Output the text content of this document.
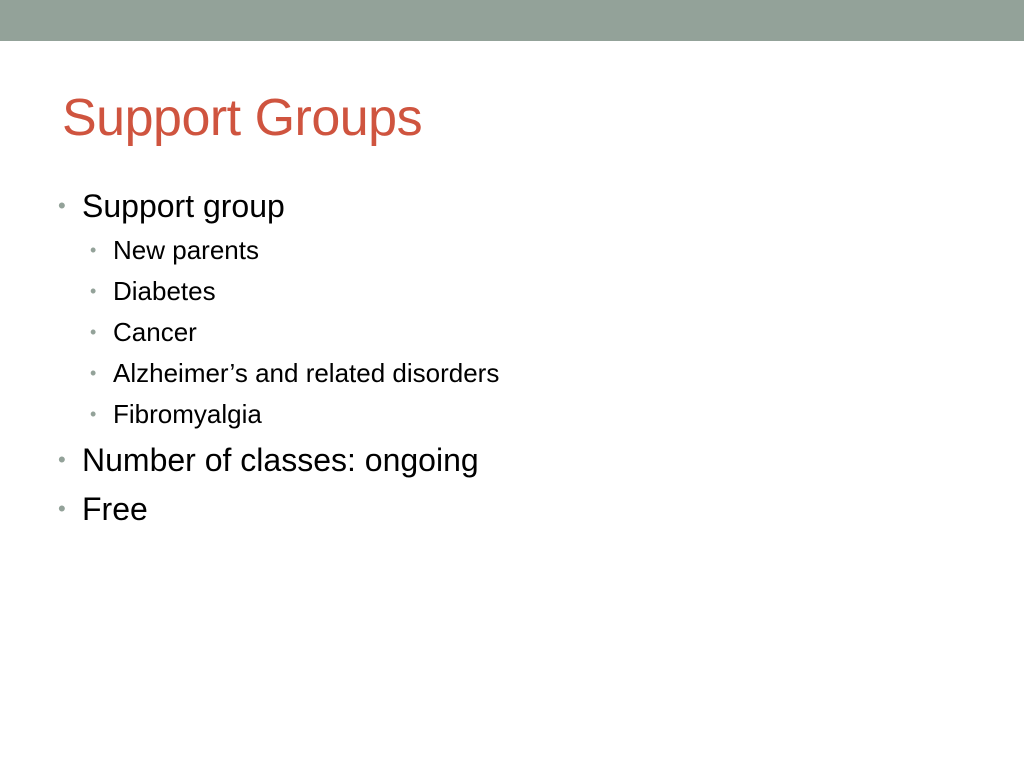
Support Groups
• Support group
• New parents
• Diabetes
• Cancer
• Alzheimer’s and related disorders
• Fibromyalgia
• Number of classes: ongoing
• Free
